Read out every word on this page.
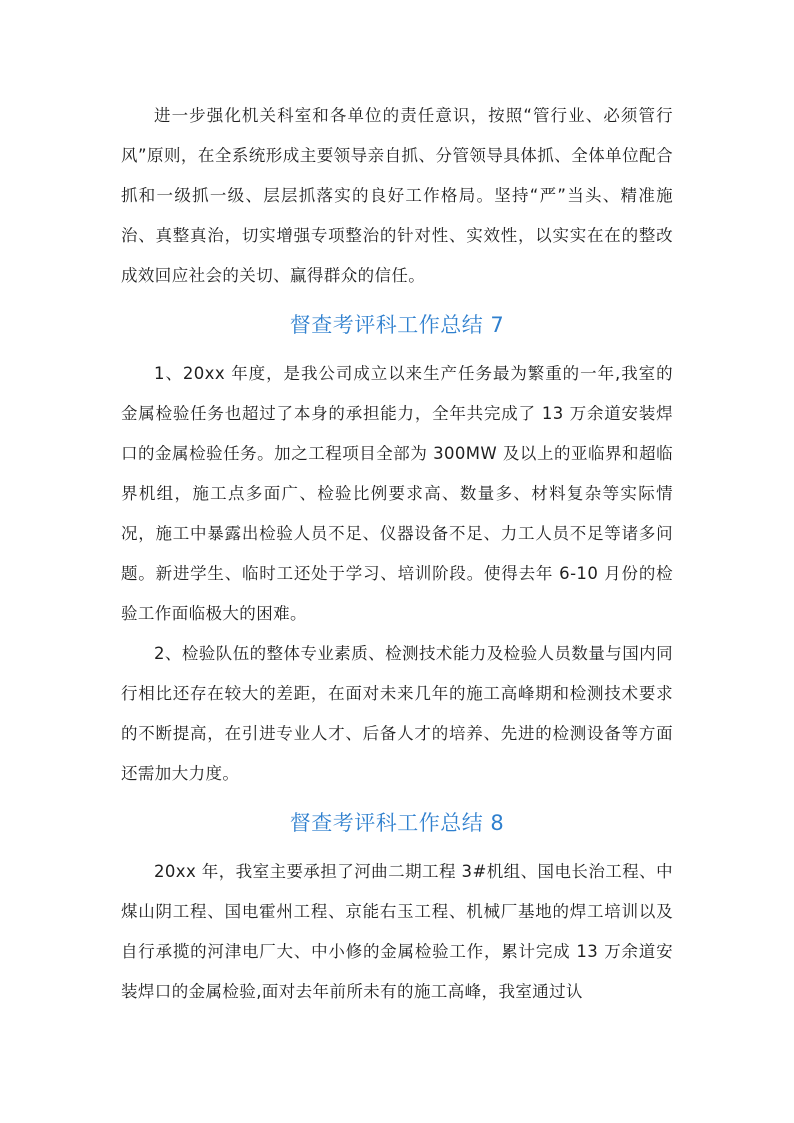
进一步强化机关科室和各单位的责任意识，按照“管行业、必须管行风”原则，在全系统形成主要领导亲自抓、分管领导具体抓、全体单位配合抓和一级抓一级、层层抓落实的良好工作格局。坚持“严”当头、精准施治、真整真治，切实增强专项整治的针对性、实效性，以实实在在的整改成效回应社会的关切、赢得群众的信任。

督查考评科工作总结 7

1、20xx 年度，是我公司成立以来生产任务最为繁重的一年,我室的金属检验任务也超过了本身的承担能力，全年共完成了 13 万余道安装焊口的金属检验任务。加之工程项目全部为 300MW 及以上的亚临界和超临界机组，施工点多面广、检验比例要求高、数量多、材料复杂等实际情况，施工中暴露出检验人员不足、仪器设备不足、力工人员不足等诸多问题。新进学生、临时工还处于学习、培训阶段。使得去年 6-10 月份的检验工作面临极大的困难。

2、检验队伍的整体专业素质、检测技术能力及检验人员数量与国内同行相比还存在较大的差距，在面对未来几年的施工高峰期和检测技术要求的不断提高，在引进专业人才、后备人才的培养、先进的检测设备等方面还需加大力度。

督查考评科工作总结 8

20xx 年，我室主要承担了河曲二期工程 3#机组、国电长治工程、中煤山阴工程、国电霍州工程、京能右玉工程、机械厂基地的焊工培训以及自行承揽的河津电厂大、中小修的金属检验工作，累计完成 13 万余道安装焊口的金属检验,面对去年前所未有的施工高峰，我室通过认
